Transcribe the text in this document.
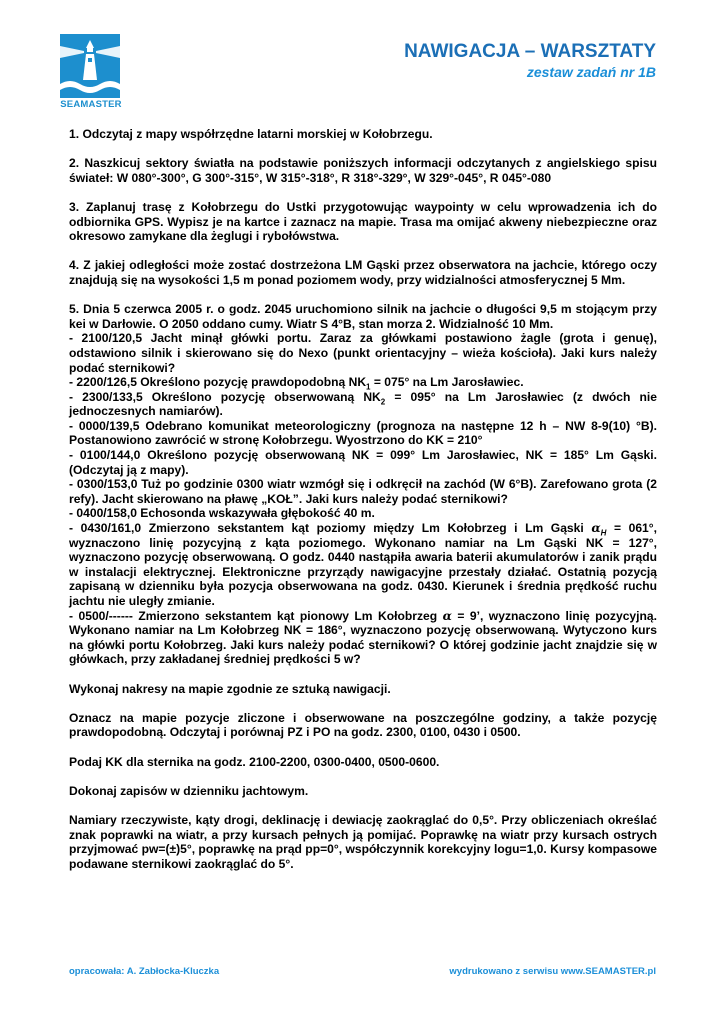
SEAMASTER
NAWIGACJA – WARSZTATY
zestaw zadań nr 1B

1. Odczytaj z mapy współrzędne latarni morskiej w Kołobrzegu.

2. Naszkicuj sektory światła na podstawie poniższych informacji odczytanych z angielskiego spisu świateł: W 080°-300°, G 300°-315°, W 315°-318°, R 318°-329°, W 329°-045°, R 045°-080

3. Zaplanuj trasę z Kołobrzegu do Ustki przygotowując waypointy w celu wprowadzenia ich do odbiornika GPS. Wypisz je na kartce i zaznacz na mapie. Trasa ma omijać akweny niebezpieczne oraz okresowo zamykane dla żeglugi i rybołówstwa.

4. Z jakiej odległości może zostać dostrzeżona LM Gąski przez obserwatora na jachcie, którego oczy znajdują się na wysokości 1,5 m ponad poziomem wody, przy widzialności atmosferycznej 5 Mm.

5. Dnia 5 czerwca 2005 r. o godz. 2045 uruchomiono silnik na jachcie o długości 9,5 m stojącym przy kei w Darłowie. O 2050 oddano cumy. Wiatr S 4°B, stan morza 2. Widzialność 10 Mm.
- 2100/120,5 Jacht minął główki portu. Zaraz za główkami postawiono żagle (grota i genuę), odstawiono silnik i skierowano się do Nexo (punkt orientacyjny – wieża kościoła). Jaki kurs należy podać sternikowi?
- 2200/126,5 Określono pozycję prawdopodobną $NK_1 = 075^\circ$ na Lm Jarosławiec.
- 2300/133,5 Określono pozycję obserwowaną $NK_2 = 095^\circ$ na Lm Jarosławiec (z dwóch nie jednoczesnych namiarów).
- 0000/139,5 Odebrano komunikat meteorologiczny (prognoza na następne 12 h – NW 8-9(10) °B). Postanowiono zawrócić w stronę Kołobrzegu. Wyostrzono do KK = 210°
- 0100/144,0 Określono pozycję obserwowaną NK = 099° Lm Jarosławiec, NK = 185° Lm Gąski. (Odczytaj ją z mapy).
- 0300/153,0 Tuż po godzinie 0300 wiatr wzmógł się i odkręcił na zachód (W 6°B). Zarefowano grota (2 refy). Jacht skierowano na pławę „KOŁ”. Jaki kurs należy podać sternikowi?
- 0400/158,0 Echosonda wskazywała głębokość 40 m.
- 0430/161,0 Zmierzono sekstantem kąt poziomy między Lm Kołobrzeg i Lm Gąski $\alpha_H = 061^\circ$, wyznaczono linię pozycyjną z kąta poziomego. Wykonano namiar na Lm Gąski NK = 127°, wyznaczono pozycję obserwowaną. O godz. 0440 nastąpiła awaria baterii akumulatorów i zanik prądu w instalacji elektrycznej. Elektroniczne przyrządy nawigacyjne przestały działać. Ostatnią pozycją zapisaną w dzienniku była pozycja obserwowana na godz. 0430. Kierunek i średnia prędkość ruchu jachtu nie uległy zmianie.
- 0500/------ Zmierzono sekstantem kąt pionowy Lm Kołobrzeg α = 9’, wyznaczono linię pozycyjną. Wykonano namiar na Lm Kołobrzeg NK = 186°, wyznaczono pozycję obserwowaną. Wytyczono kurs na główki portu Kołobrzeg. Jaki kurs należy podać sternikowi? O której godzinie jacht znajdzie się w główkach, przy zakładanej średniej prędkości 5 w?

Wykonaj nakresy na mapie zgodnie ze sztuką nawigacji.

Oznacz na mapie pozycje zliczone i obserwowane na poszczególne godziny, a także pozycję prawdopodobną. Odczytaj i porównaj PZ i PO na godz. 2300, 0100, 0430 i 0500.

Podaj KK dla sternika na godz. 2100-2200, 0300-0400, 0500-0600.

Dokonaj zapisów w dzienniku jachtowym.

Namiary rzeczywiste, kąty drogi, deklinację i dewiację zaokrąglać do 0,5°. Przy obliczeniach określać znak poprawki na wiatr, a przy kursach pełnych ją pomijać. Poprawkę na wiatr przy kursach ostrych przyjmować pw=(±)5°, poprawkę na prąd pp=0°, współczynnik korekcyjny logu=1,0. Kursy kompasowe podawane sternikowi zaokrąglać do 5°.

opracowała: A. Zabłocka-Kluczka	wydrukowano z serwisu www.SEAMASTER.pl
